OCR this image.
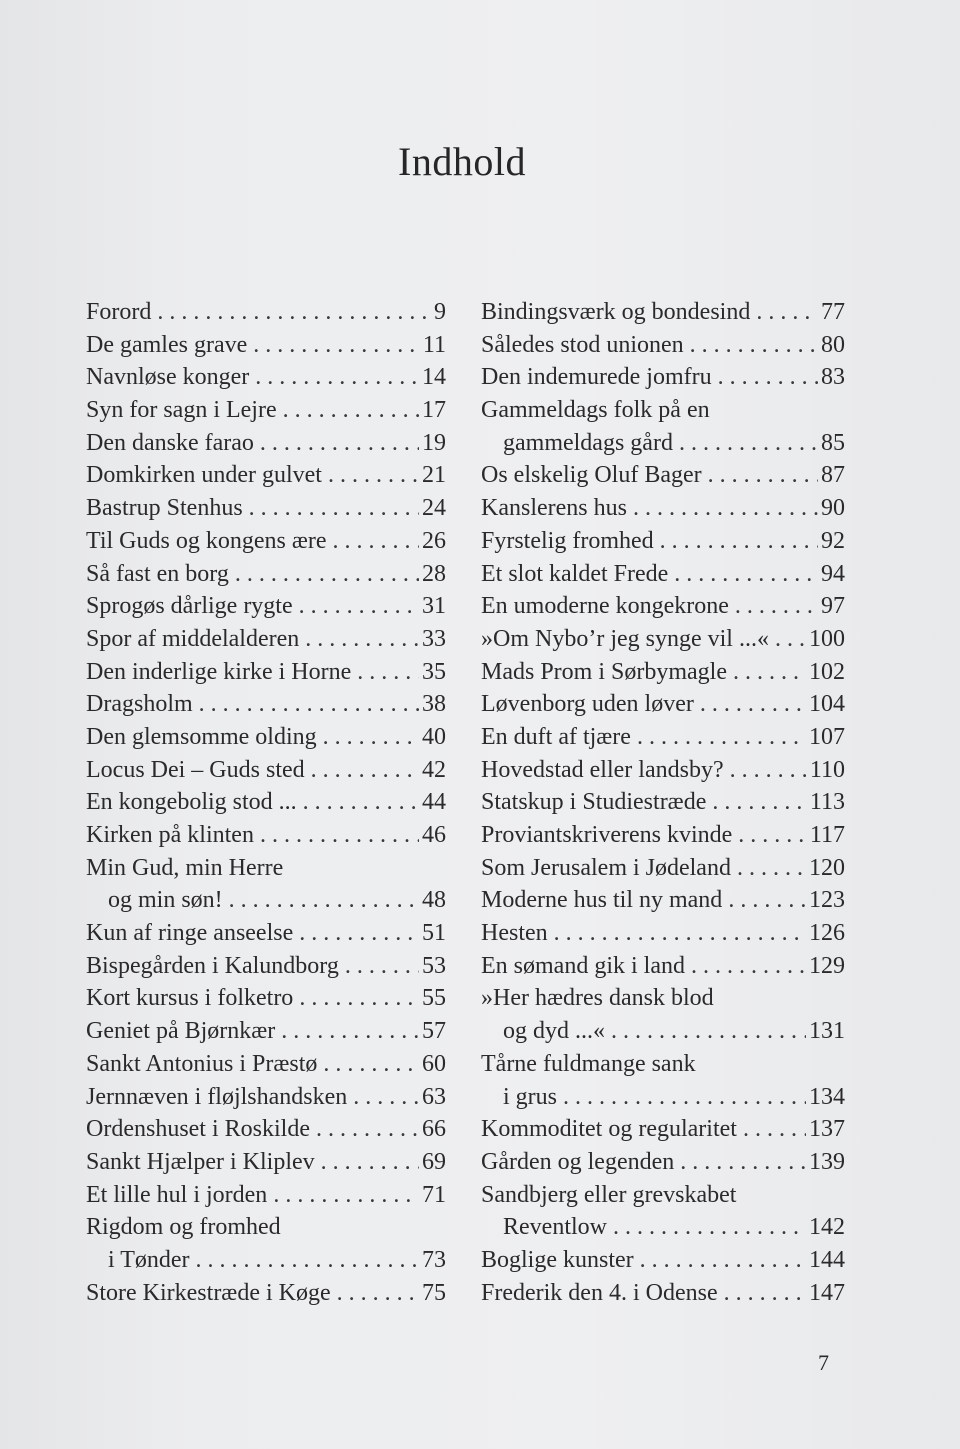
Indhold
Forord . . .	9
De gamles grave . . .	11
Navnløse konger . . .	14
Syn for sagn i Lejre . . .	17
Den danske farao . . .	19
Domkirken under gulvet . . .	21
Bastrup Stenhus . . .	24
Til Guds og kongens ære . . .	26
Så fast en borg . . .	28
Sprogøs dårlige rygte . . .	31
Spor af middelalderen . . .	33
Den inderlige kirke i Horne . . .	35
Dragsholm . . .	38
Den glemsomme olding . . .	40
Locus Dei – Guds sted . . .	42
En kongebolig stod ... . . .	44
Kirken på klinten . . .	46
Min Gud, min Herre
og min søn! . . .	48
Kun af ringe anseelse . . .	51
Bispegården i Kalundborg . . .	53
Kort kursus i folketro . . .	55
Geniet på Bjørnkær . . .	57
Sankt Antonius i Præstø . . .	60
Jernnæven i fløjlshandsken . . .	63
Ordenshuset i Roskilde . . .	66
Sankt Hjælper i Kliplev . . .	69
Et lille hul i jorden . . .	71
Rigdom og fromhed
i Tønder . . .	73
Store Kirkestræde i Køge . . .	75
Bindingsværk og bondesind . . .	77
Således stod unionen . . .	80
Den indemurede jomfru . . .	83
Gammeldags folk på en
gammeldags gård . . .	85
Os elskelig Oluf Bager . . .	87
Kanslerens hus . . .	90
Fyrstelig fromhed . . .	92
Et slot kaldet Frede . . .	94
En umoderne kongekrone . . .	97
»Om Nybo’r jeg synge vil ...« . . . 100
Mads Prom i Sørbymagle . . .	102
Løvenborg uden løver . . .	104
En duft af tjære . . .	107
Hovedstad eller landsby? . . .	110
Statskup i Studiestræde . . .	113
Proviantskriverens kvinde . . .	117
Som Jerusalem i Jødeland . . .	120
Moderne hus til ny mand . . .	123
Hesten . . .	126
En sømand gik i land . . .	129
»Her hædres dansk blod
og dyd ...« . . .	131
Tårne fuldmange sank
i grus . . .	134
Kommoditet og regularitet . . .	137
Gården og legenden . . .	139
Sandbjerg eller grevskabet
Reventlow . . .	142
Boglige kunster . . .	144
Frederik den 4. i Odense . . .	147
7
